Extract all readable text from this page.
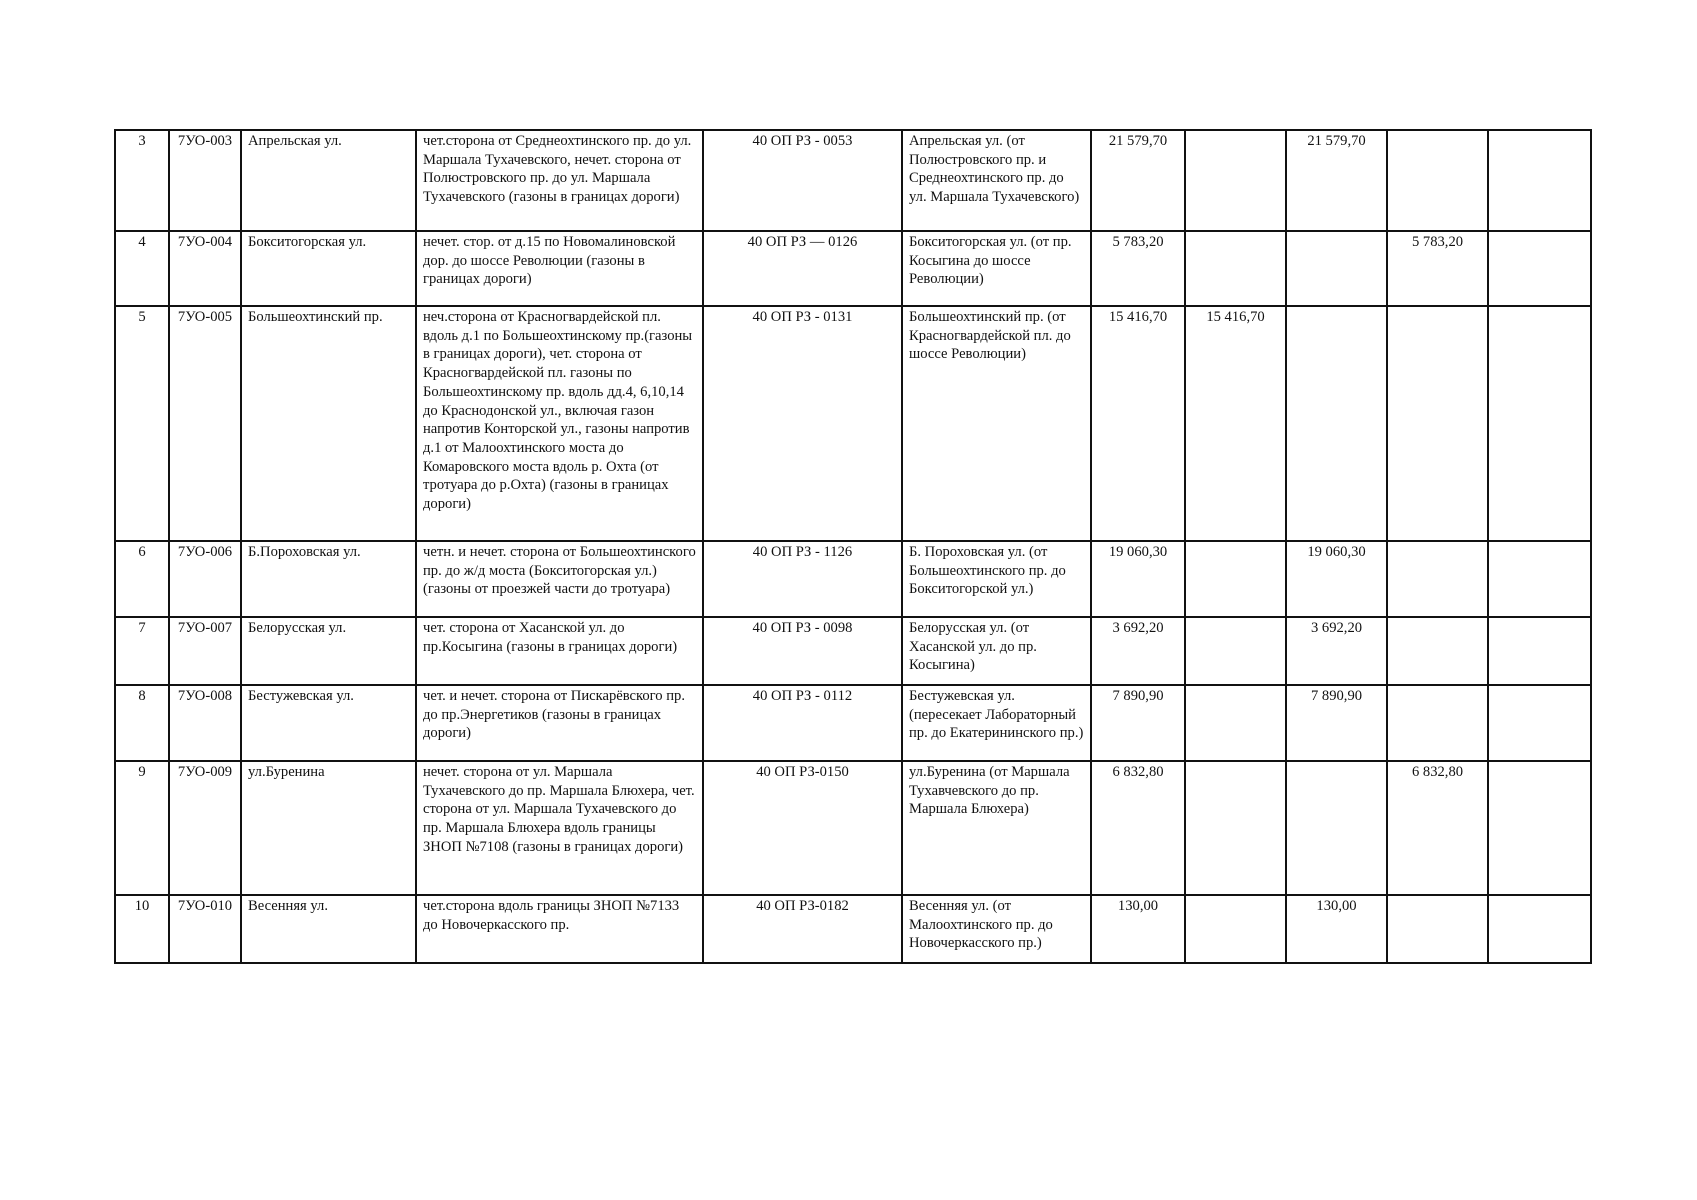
3	7УО-003	Апрельская ул.	чет.сторона от Среднеохтинского пр. до ул. Маршала Тухачевского, нечет. сторона от Полюстровского пр. до ул. Маршала Тухачевского (газоны в границах дороги)	40 ОП РЗ - 0053	Апрельская ул. (от Полюстровского пр. и Среднеохтинского пр. до ул. Маршала Тухачевского)	21 579,70		21 579,70		
4	7УО-004	Бокситогорская ул.	нечет. стор. от д.15 по Новомалиновской дор. до шоссе Революции (газоны в границах дороги)	40 ОП РЗ — 0126	Бокситогорская ул. (от пр. Косыгина до шоссе Революции)	5 783,20			5 783,20	
5	7УО-005	Большеохтинский пр.	неч.сторона от Красногвардейской пл. вдоль д.1 по Большеохтинскому пр.(газоны в границах дороги), чет. сторона от Красногвардейской пл. газоны по Большеохтинскому пр. вдоль дд.4, 6,10,14 до Краснодонской ул., включая газон напротив Конторской ул., газоны напротив д.1 от Малоохтинского моста до Комаровского моста вдоль р. Охта (от тротуара до р.Охта) (газоны в границах дороги)	40 ОП РЗ - 0131	Большеохтинский пр. (от Красногвардейской пл. до шоссе Революции)	15 416,70	15 416,70			
6	7УО-006	Б.Пороховская ул.	четн. и нечет. сторона от Большеохтинского пр. до ж/д моста (Бокситогорская ул.) (газоны от проезжей части до тротуара)	40 ОП РЗ - 1126	Б. Пороховская ул. (от Большеохтинского пр. до Бокситогорской ул.)	19 060,30		19 060,30		
7	7УО-007	Белорусская ул.	чет. сторона от Хасанской ул. до пр.Косыгина (газоны в границах дороги)	40 ОП РЗ - 0098	Белорусская ул. (от Хасанской ул. до пр. Косыгина)	3 692,20		3 692,20		
8	7УО-008	Бестужевская ул.	чет. и нечет. сторона от Пискарёвского пр. до пр.Энергетиков (газоны в границах дороги)	40 ОП РЗ - 0112	Бестужевская ул. (пересекает Лабораторный пр. до Екатерининского пр.)	7 890,90		7 890,90		
9	7УО-009	ул.Буренина	нечет. сторона от ул. Маршала Тухачевского до пр. Маршала Блюхера, чет. сторона от ул. Маршала Тухачевского до пр. Маршала Блюхера вдоль границы ЗНОП №7108 (газоны в границах дороги)	40 ОП РЗ-0150	ул.Буренина (от Маршала Тухавчевского до пр. Маршала Блюхера)	6 832,80			6 832,80	
10	7УО-010	Весенняя ул.	чет.сторона вдоль границы ЗНОП №7133 до Новочеркасского пр.	40 ОП РЗ-0182	Весенняя ул. (от Малоохтинского пр. до Новочеркасского пр.)	130,00		130,00		
